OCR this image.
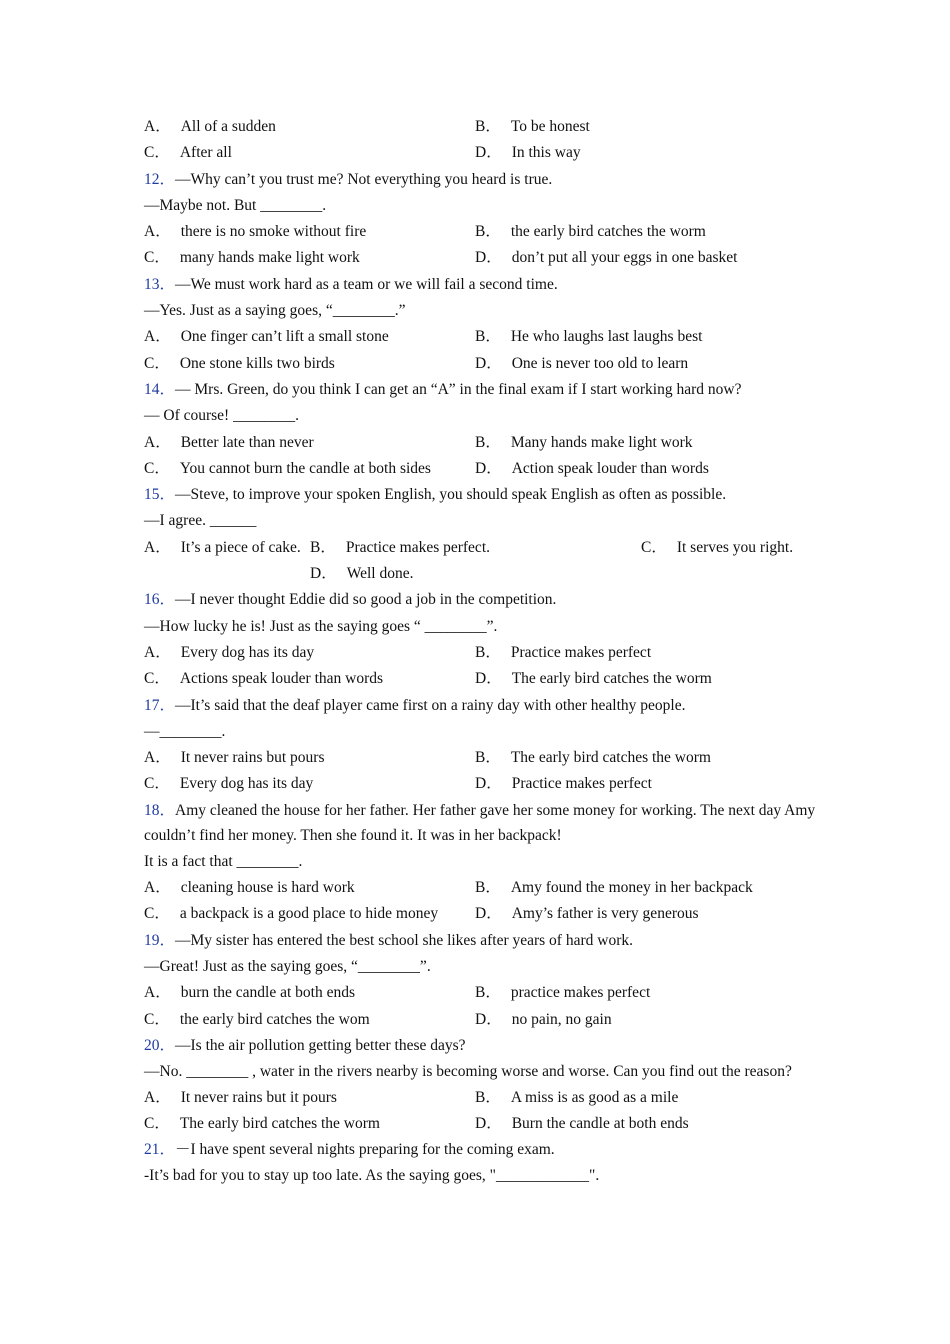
A． All of a sudden	B． To be honest
C． After all	D． In this way
12．—Why can’t you trust me? Not everything you heard is true.
—Maybe not. But ________.
A． there is no smoke without fire	B． the early bird catches the worm
C． many hands make light work	D． don’t put all your eggs in one basket
13．—We must work hard as a team or we will fail a second time.
—Yes. Just as a saying goes, “________.”
A． One finger can’t lift a small stone	B． He who laughs last laughs best
C． One stone kills two birds	D． One is never too old to learn
14．— Mrs. Green, do you think I can get an “A” in the final exam if I start working hard now?
— Of course! ________.
A． Better late than never	B． Many hands make light work
C． You cannot burn the candle at both sides	D． Action speak louder than words
15．—Steve, to improve your spoken English, you should speak English as often as possible.
—I agree. ______
A． It’s a piece of cake. B． Practice makes perfect.	C． It serves you right.
D． Well done.
16．—I never thought Eddie did so good a job in the competition.
—How lucky he is! Just as the saying goes “ ________”.
A． Every dog has its day	B． Practice makes perfect
C． Actions speak louder than words	D． The early bird catches the worm
17．—It’s said that the deaf player came first on a rainy day with other healthy people.
—________.
A． It never rains but pours	B． The early bird catches the worm
C． Every dog has its day	D． Practice makes perfect
18．Amy cleaned the house for her father. Her father gave her some money for working. The next day Amy couldn’t find her money. Then she found it. It was in her backpack!
It is a fact that ________.
A． cleaning house is hard work	B． Amy found the money in her backpack
C． a backpack is a good place to hide money D． Amy’s father is very generous
19．—My sister has entered the best school she likes after years of hard work.
—Great! Just as the saying goes, “________”.
A． burn the candle at both ends	B． practice makes perfect
C． the early bird catches the wom	D． no pain, no gain
20．—Is the air pollution getting better these days?
—No. ________ , water in the rivers nearby is becoming worse and worse. Can you find out the reason?
A． It never rains but it pours	B． A miss is as good as a mile
C． The early bird catches the worm	D． Burn the candle at both ends
21．－I have spent several nights preparing for the coming exam.
-It’s bad for you to stay up too late. As the saying goes, "____________".
